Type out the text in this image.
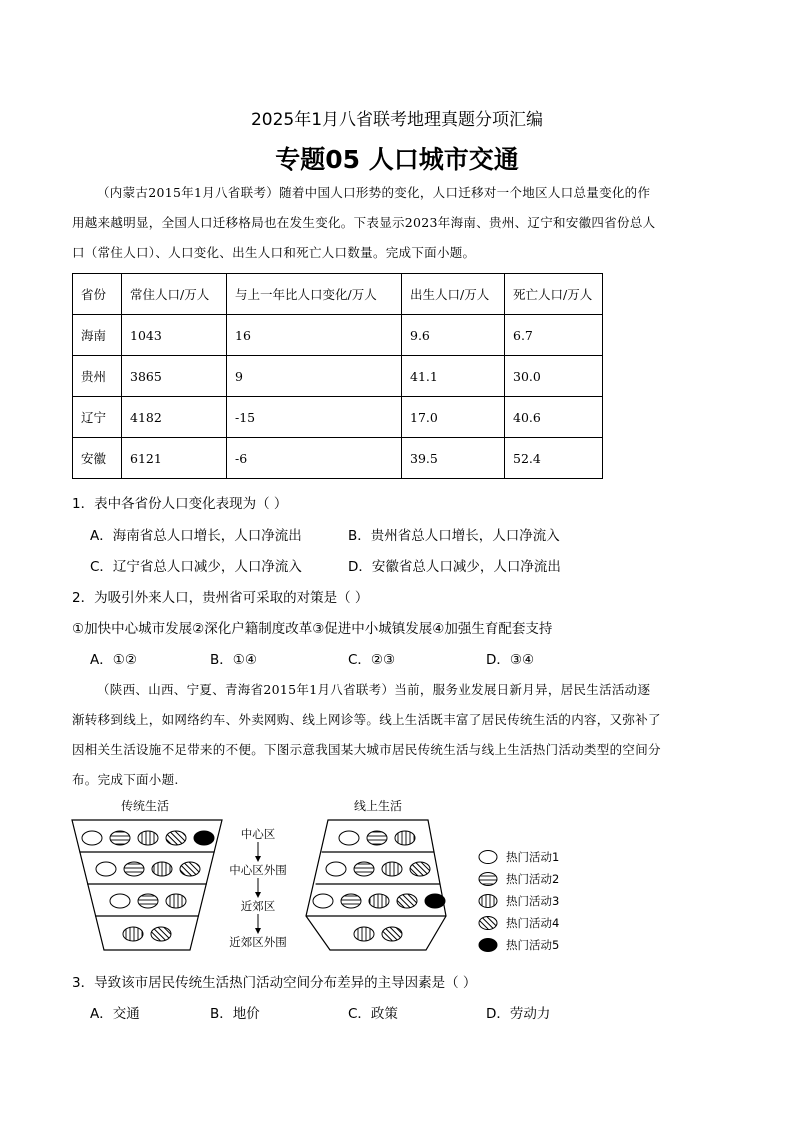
2025年1月八省联考地理真题分项汇编
专题05 人口城市交通
（内蒙古2015年1月八省联考）随着中国人口形势的变化，人口迁移对一个地区人口总量变化的作
用越来越明显，全国人口迁移格局也在发生变化。下表显示2023年海南、贵州、辽宁和安徽四省份总人
口（常住人口）、人口变化、出生人口和死亡人口数量。完成下面小题。
省份	常住人口/万人	与上一年比人口变化/万人	出生人口/万人	死亡人口/万人
海南	1043	16	9.6	6.7
贵州	3865	9	41.1	30.0
辽宁	4182	-15	17.0	40.6
安徽	6121	-6	39.5	52.4
1．表中各省份人口变化表现为（ ）
A．海南省总人口增长，人口净流出	B．贵州省总人口增长，人口净流入
C．辽宁省总人口减少，人口净流入	D．安徽省总人口减少，人口净流出
2．为吸引外来人口，贵州省可采取的对策是（ ）
①加快中心城市发展②深化户籍制度改革③促进中小城镇发展④加强生育配套支持
A．①②	B．①④	C．②③	D．③④
（陕西、山西、宁夏、青海省2015年1月八省联考）当前，服务业发展日新月异，居民生活活动逐
渐转移到线上，如网络约车、外卖网购、线上网诊等。线上生活既丰富了居民传统生活的内容，又弥补了
因相关生活设施不足带来的不便。下图示意我国某大城市居民传统生活与线上生活热门活动类型的空间分
布。完成下面小题.
传统生活	线上生活
中心区
中心区外围
近郊区
近郊区外围
热门活动1
热门活动2
热门活动3
热门活动4
热门活动5
3．导致该市居民传统生活热门活动空间分布差异的主导因素是（ ）
A．交通	B．地价	C．政策	D．劳动力
